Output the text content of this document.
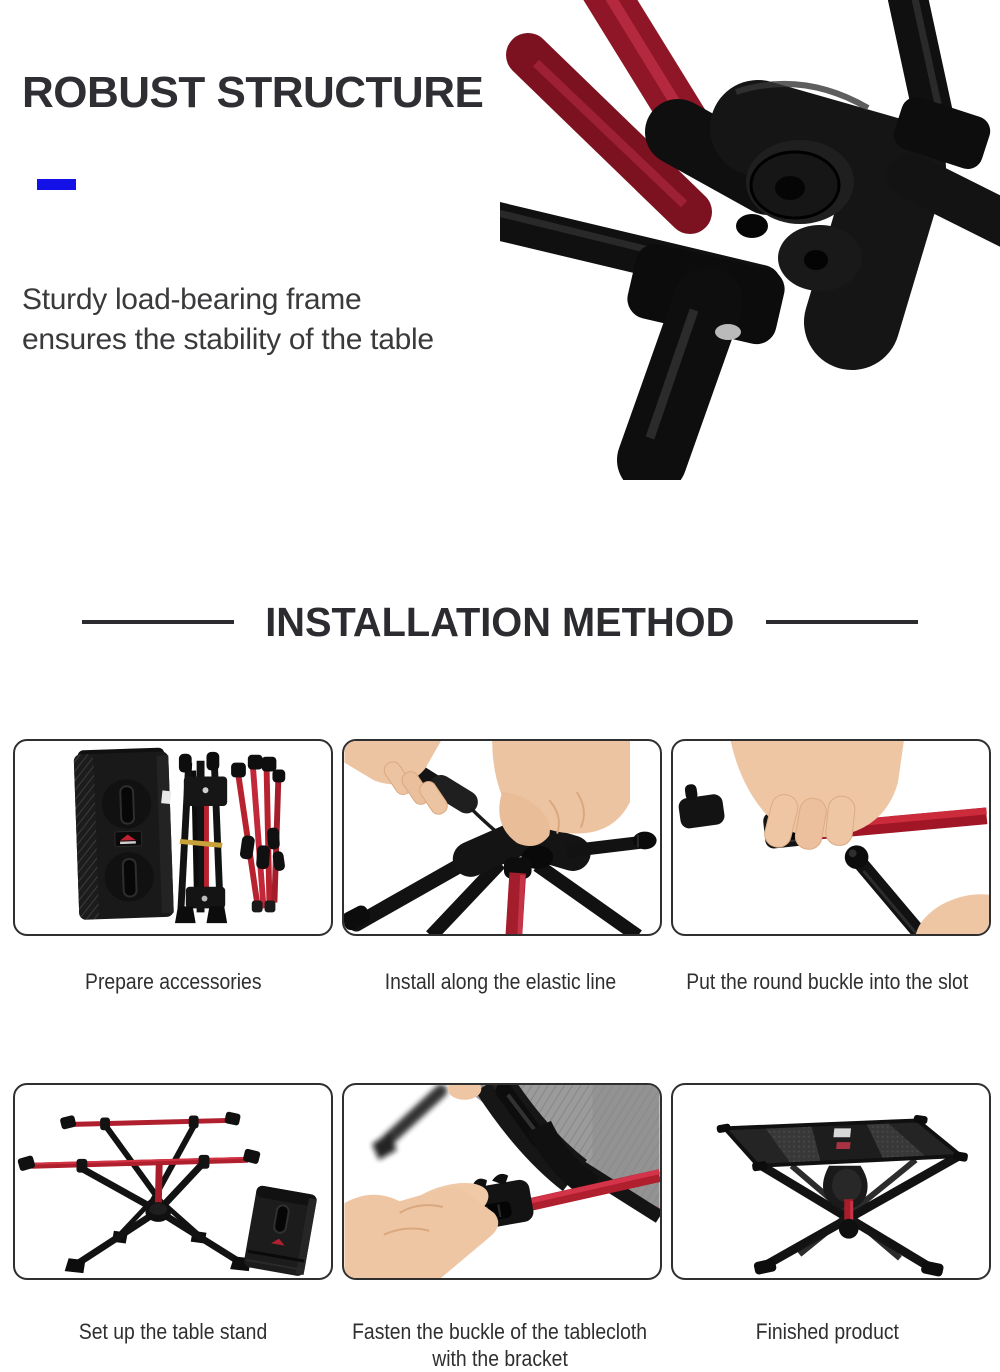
ROBUST STRUCTURE
Sturdy load-bearing frame
ensures the stability of the table
INSTALLATION METHOD
Prepare accessories	Install along the elastic line	Put the round buckle into the slot
Set up the table stand	Fasten the buckle of the tablecloth
with the bracket
Finished product
